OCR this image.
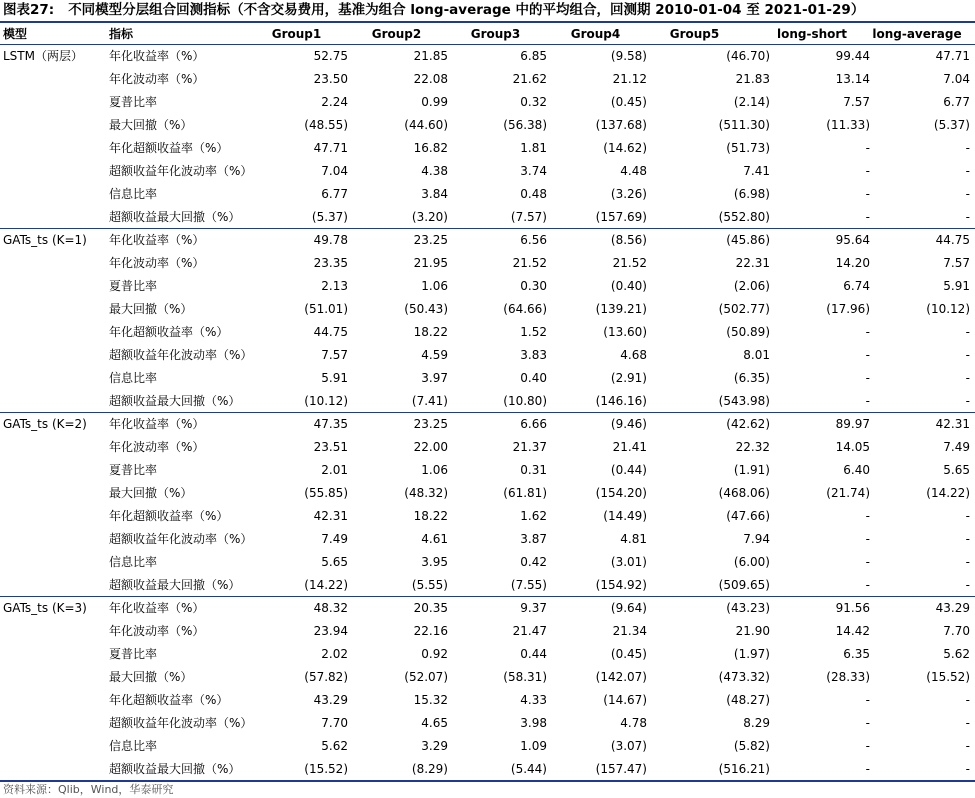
图表27: 不同模型分层组合回测指标（不含交易费用，基准为组合 long-average 中的平均组合，回测期 2010-01-04 至 2021-01-29）
模型	指标	Group1	Group2	Group3	Group4	Group5	long-short	long-average
LSTM（两层）	年化收益率（%）	52.75	21.85	6.85	(9.58)	(46.70)	99.44	47.71
年化波动率（%）	23.50	22.08	21.62	21.12	21.83	13.14	7.04
夏普比率	2.24	0.99	0.32	(0.45)	(2.14)	7.57	6.77
最大回撤（%）	(48.55)	(44.60)	(56.38)	(137.68)	(511.30)	(11.33)	(5.37)
年化超额收益率（%）	47.71	16.82	1.81	(14.62)	(51.73)	-	-
超额收益年化波动率（%）	7.04	4.38	3.74	4.48	7.41	-	-
信息比率	6.77	3.84	0.48	(3.26)	(6.98)	-	-
超额收益最大回撤（%）	(5.37)	(3.20)	(7.57)	(157.69)	(552.80)	-	-
GATs_ts (K=1)	年化收益率（%）	49.78	23.25	6.56	(8.56)	(45.86)	95.64	44.75
年化波动率（%）	23.35	21.95	21.52	21.52	22.31	14.20	7.57
夏普比率	2.13	1.06	0.30	(0.40)	(2.06)	6.74	5.91
最大回撤（%）	(51.01)	(50.43)	(64.66)	(139.21)	(502.77)	(17.96)	(10.12)
年化超额收益率（%）	44.75	18.22	1.52	(13.60)	(50.89)	-	-
超额收益年化波动率（%）	7.57	4.59	3.83	4.68	8.01	-	-
信息比率	5.91	3.97	0.40	(2.91)	(6.35)	-	-
超额收益最大回撤（%）	(10.12)	(7.41)	(10.80)	(146.16)	(543.98)	-	-
GATs_ts (K=2)	年化收益率（%）	47.35	23.25	6.66	(9.46)	(42.62)	89.97	42.31
年化波动率（%）	23.51	22.00	21.37	21.41	22.32	14.05	7.49
夏普比率	2.01	1.06	0.31	(0.44)	(1.91)	6.40	5.65
最大回撤（%）	(55.85)	(48.32)	(61.81)	(154.20)	(468.06)	(21.74)	(14.22)
年化超额收益率（%）	42.31	18.22	1.62	(14.49)	(47.66)	-	-
超额收益年化波动率（%）	7.49	4.61	3.87	4.81	7.94	-	-
信息比率	5.65	3.95	0.42	(3.01)	(6.00)	-	-
超额收益最大回撤（%）	(14.22)	(5.55)	(7.55)	(154.92)	(509.65)	-	-
GATs_ts (K=3)	年化收益率（%）	48.32	20.35	9.37	(9.64)	(43.23)	91.56	43.29
年化波动率（%）	23.94	22.16	21.47	21.34	21.90	14.42	7.70
夏普比率	2.02	0.92	0.44	(0.45)	(1.97)	6.35	5.62
最大回撤（%）	(57.82)	(52.07)	(58.31)	(142.07)	(473.32)	(28.33)	(15.52)
年化超额收益率（%）	43.29	15.32	4.33	(14.67)	(48.27)	-	-
超额收益年化波动率（%）	7.70	4.65	3.98	4.78	8.29	-	-
信息比率	5.62	3.29	1.09	(3.07)	(5.82)	-	-
超额收益最大回撤（%）	(15.52)	(8.29)	(5.44)	(157.47)	(516.21)	-	-
资料来源：Qlib，Wind，华泰研究
